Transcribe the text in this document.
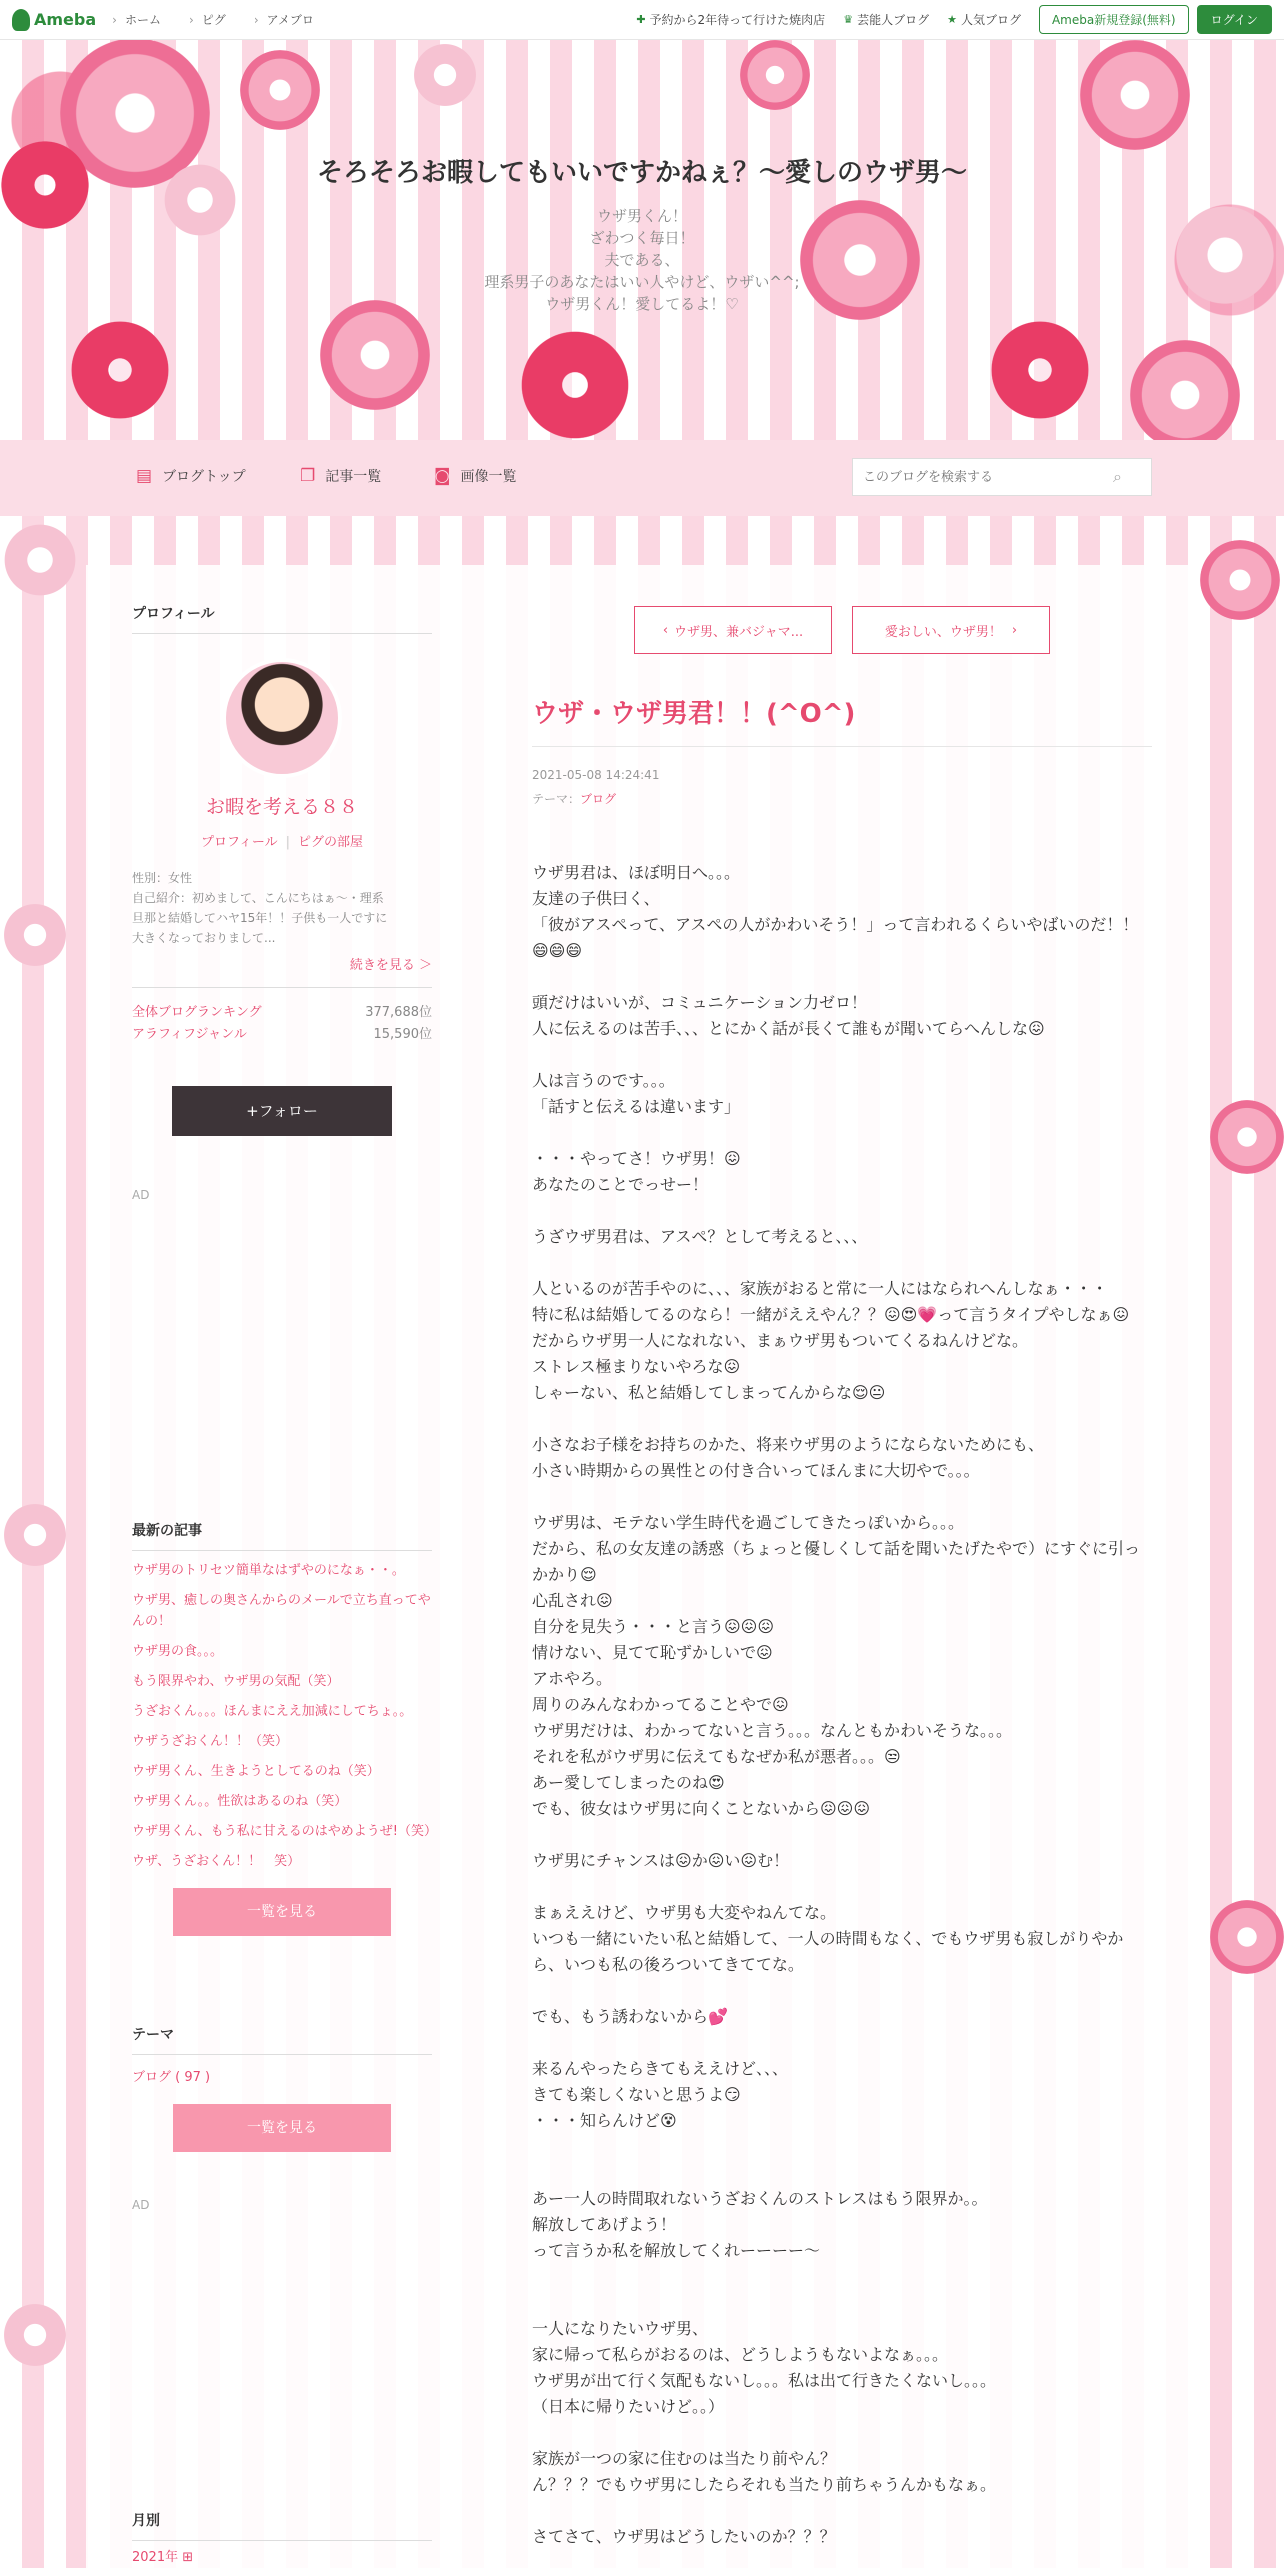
Ameba	› ホーム	› ピグ	› アメブロ	✚ 予約から2年待って行けた焼肉店 ♛ 芸能人ブログ ★ 人気ブログ	Ameba新規登録(無料)	ログイン
そろそろお暇してもいいですかねぇ？〜愛しのウザ男〜
ウザ男くん！
ざわつく毎日！
夫である、
理系男子のあなたはいい人やけど、ウザい^^;
ウザ男くん！愛してるよ！♡
▤ ブログトップ	❐ 記事一覧	◙ 画像一覧
このブログを検索する	⌕
プロフィール
お暇を考える８８
プロフィール | ピグの部屋
性別：女性
自己紹介：初めまして、こんにちはぁ〜・理系
旦那と結婚してハヤ15年！！子供も一人ですに
大きくなっておりまして...
続きを見る ＞
全体ブログランキング	377,688位
アラフィフジャンル	15,590位
+フォロー
AD
最新の記事
ウザ男のトリセツ簡単なはずやのになぁ・・。
ウザ男、癒しの奥さんからのメールで立ち直ってやんの！
ウザ男の食。。。
もう限界やわ、ウザ男の気配（笑）
うざおくん。。。ほんまにええ加減にしてちょ。。
ウザうざおくん！！（笑）
ウザ男くん、生きようとしてるのね（笑）
ウザ男くん。。性欲はあるのね（笑）
ウザ男くん、もう私に甘えるのはやめようぜ!（笑）
ウザ、うざおくん！！　笑）
一覧を見る
テーマ
ブログ ( 97 )
一覧を見る
AD
月別
2021年 ⊞
‹ ウザ男、兼バジャマ...	愛おしい、ウザ男！ ›
ウザ・ウザ男君！！(^O^)
2021-05-08 14:24:41
テーマ：ブログ

ウザ男君は、ほぼ明日へ。。。

友達の子供曰く、

「彼がアスペって、アスペの人がかわいそう！」って言われるくらいやばいのだ！！😄😄😄

頭だけはいいが、コミュニケーション力ゼロ！

人に伝えるのは苦手、、、とにかく話が長くて誰もが聞いてらへんしな😖

人は言うのです。。。

「話すと伝えるは違います」

・・・やってさ！ウザ男！😖

あなたのことでっせー！

うざウザ男君は、アスペ？として考えると、、、

人といるのが苦手やのに、、、家族がおると常に一人にはなられへんしなぁ・・・

特に私は結婚してるのなら！一緒がええやん？？😖😍💗って言うタイプやしなぁ😖

だからウザ男一人になれない、まぁウザ男もついてくるねんけどな。

ストレス極まりないやろな😖

しゃーない、私と結婚してしまってんからな😌😐

小さなお子様をお持ちのかた、将来ウザ男のようにならないためにも、

小さい時期からの異性との付き合いってほんまに大切やで。。。

ウザ男は、モテない学生時代を過ごしてきたっぽいから。。。

だから、私の女友達の誘惑（ちょっと優しくして話を聞いたげたやで）にすぐに引っかかり😌

心乱され😖

自分を見失う・・・と言う😖😖😖

情けない、見てて恥ずかしいで😖

アホやろ。

周りのみんなわかってることやで😖

ウザ男だけは、わかってないと言う。。。なんともかわいそうな。。。

それを私がウザ男に伝えてもなぜか私が悪者。。。😒

あー愛してしまったのね😍

でも、彼女はウザ男に向くことないから😖😖😖

ウザ男にチャンスは😖か😖い😖む！

まぁええけど、ウザ男も大変やねんてな。

いつも一緒にいたい私と結婚して、一人の時間もなく、でもウザ男も寂しがりやから、いつも私の後ろついてきててな。

でも、もう誘わないから💕

来るんやったらきてもええけど、、、

きても楽しくないと思うよ😏

・・・知らんけど😵

あー一人の時間取れないうざおくんのストレスはもう限界か。。

解放してあげよう！

って言うか私を解放してくれーーーー〜

一人になりたいウザ男、

家に帰って私らがおるのは、どうしようもないよなぁ。。。

ウザ男が出て行く気配もないし。。。私は出て行きたくないし。。。

（日本に帰りたいけど。。）

家族が一つの家に住むのは当たり前やん？

ん？？？でもウザ男にしたらそれも当たり前ちゃうんかもなぁ。

さてさて、ウザ男はどうしたいのか？？？
